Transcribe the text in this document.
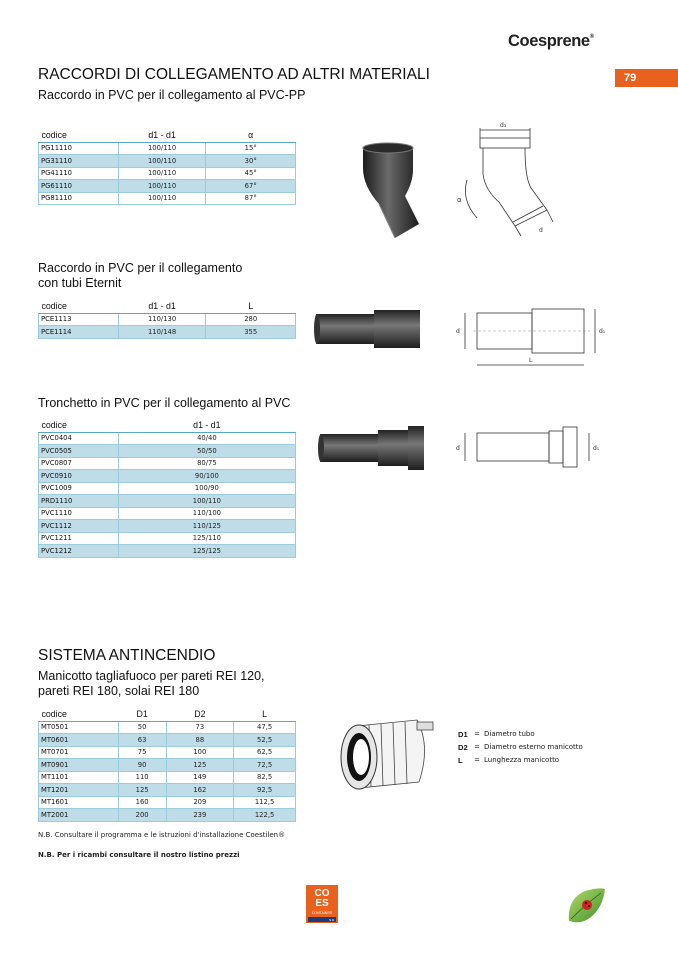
Coesprene®
79
RACCORDI DI COLLEGAMENTO AD ALTRI MATERIALI
Raccordo in PVC per il collegamento al PVC-PP
codice	d1 - d1	α
PG11110	100/110	15°
PG31110	100/110	30°
PG41110	100/110	45°
PG61110	100/110	67°
PG81110	100/110	87°
d₃
α
d
Raccordo in PVC per il collegamento
con tubi Eternit
codice	d1 - d1	L
PCE1113	110/130	280
PCE1114	110/148	355	d	d₁
L
Tronchetto in PVC per il collegamento al PVC
codice	d1 - d1
PVC0404	40/40
PVC0505	50/50
PVC0807	80/75
PVC0910	90/100
PVC1009	100/90
PRD1110	100/110
PVC1110	110/100
PVC1112	110/125
PVC1211	125/110
PVC1212	125/125
d	d₁
SISTEMA ANTINCENDIO
Manicotto tagliafuoco per pareti REI 120,
pareti REI 180, solai REI 180
codice	D1	D2	L
MT0501	50	73	47,5
MT0601	63	88	52,5
MT0701	75	100	62,5
MT0901	90	125	72,5
MT1101	110	149	82,5
MT1201	125	162	92,5
MT1601	160	209	112,5
MT2001	200	239	122,5
D1 = Diametro tubo
D2 = Diametro esterno manicotto
L	= Lunghezza manicotto
N.B. Consultare il programma e le istruzioni d'installazione Coestilen®
N.B. Per i ricambi consultare il nostro listino prezzi
CO
ES
CONTAINER
N.R.
